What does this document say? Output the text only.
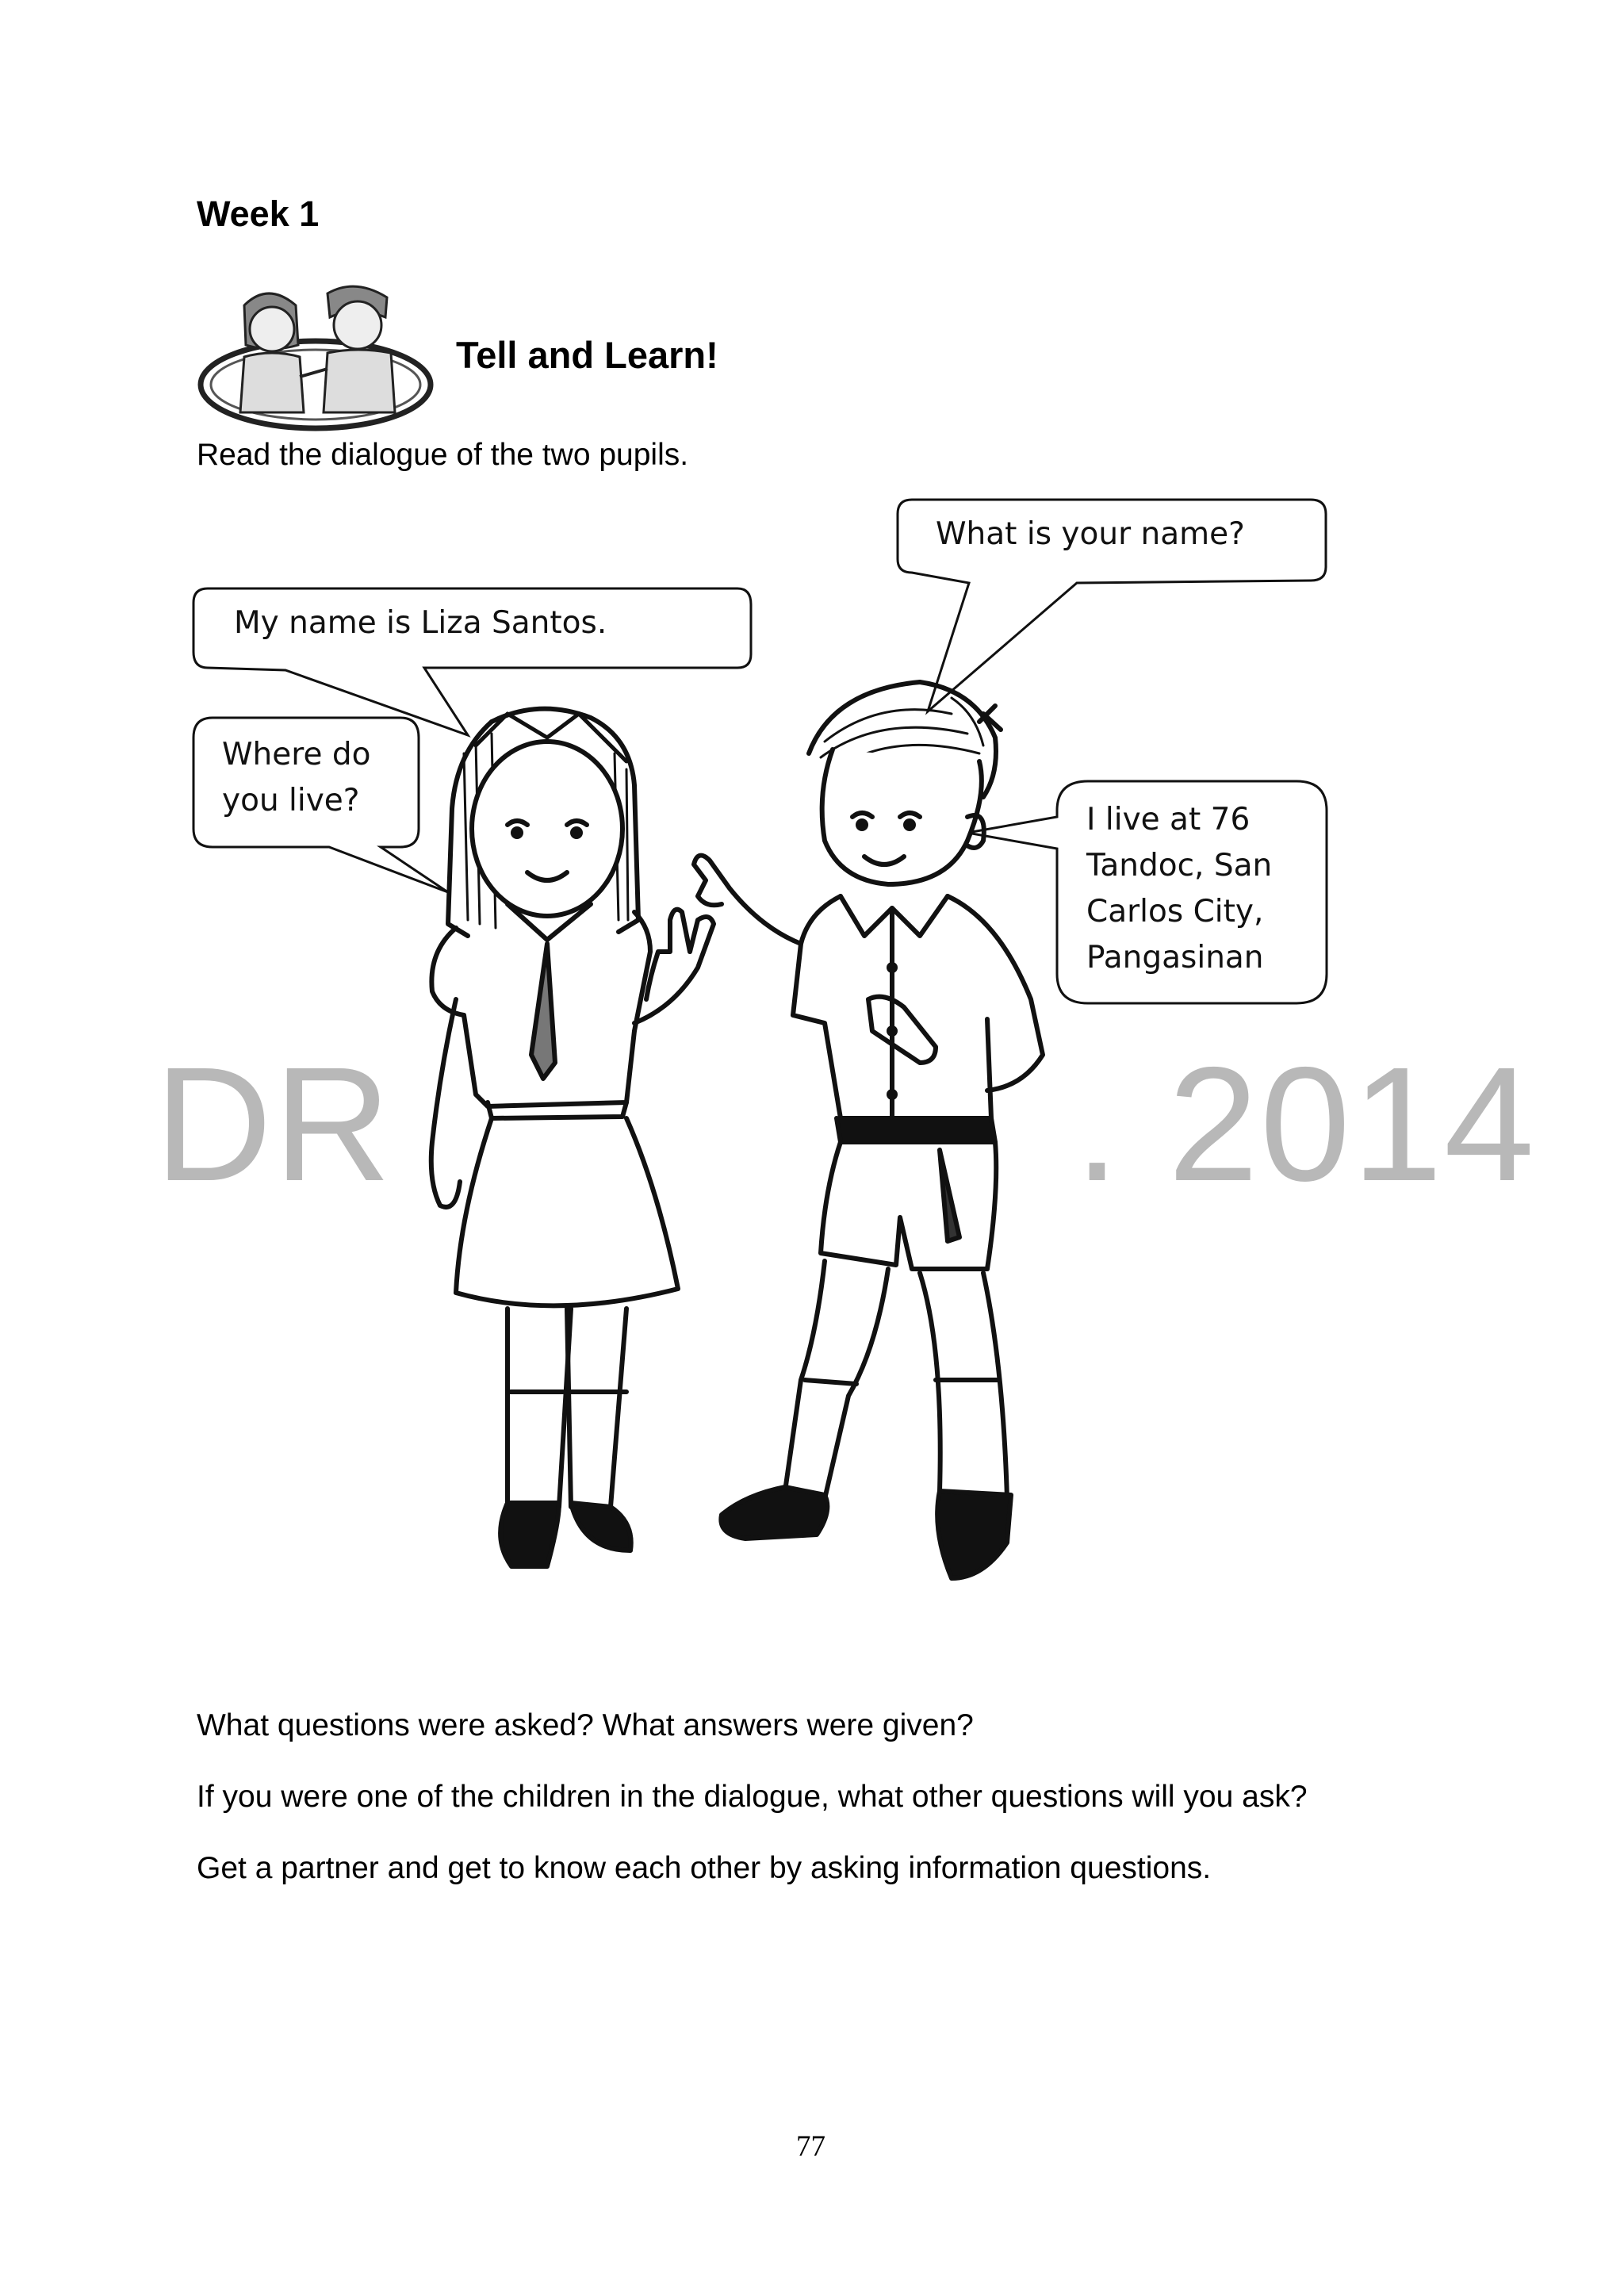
Week 1
Tell and Learn!
Read the dialogue of the two pupils.
What is your name?
My name is Liza Santos.
Where do
you live?
I live at 76
Tandoc, San
Carlos City,
Pangasinan
DR	. 2014
What questions were asked? What answers were given?
If you were one of the children in the dialogue, what other questions will you ask?
Get a partner and get to know each other by asking information questions.
77
